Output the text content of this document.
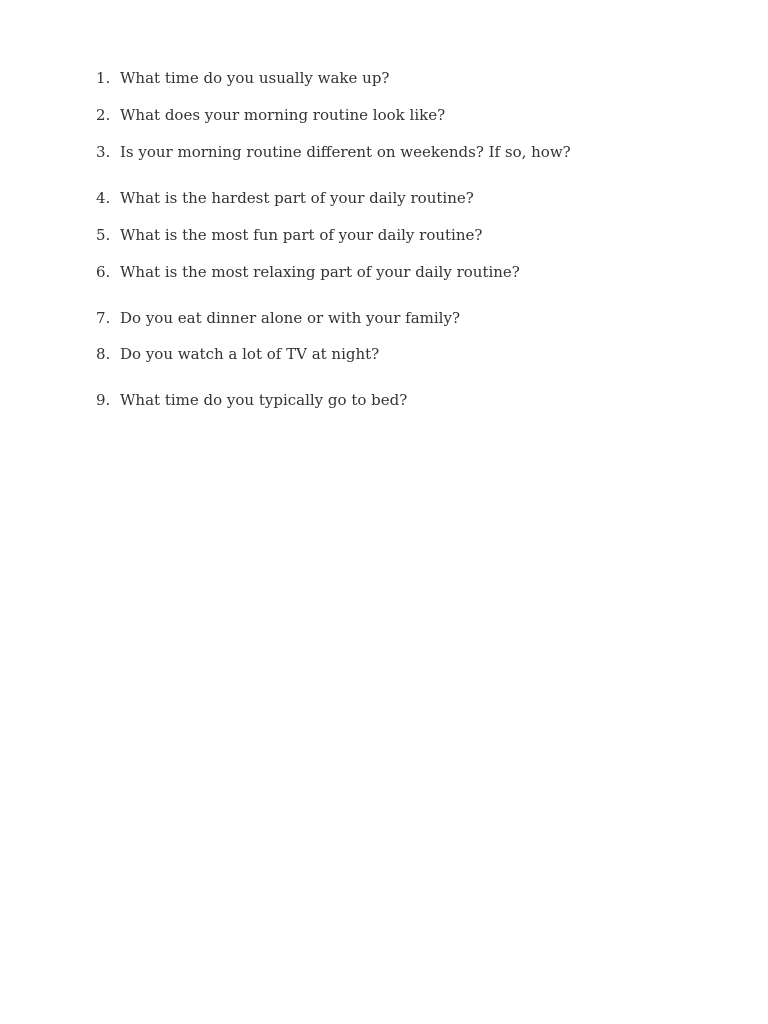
1. What time do you usually wake up?
2. What does your morning routine look like?
3. Is your morning routine different on weekends? If so, how?
4. What is the hardest part of your daily routine?
5. What is the most fun part of your daily routine?
6. What is the most relaxing part of your daily routine?
7. Do you eat dinner alone or with your family?
8. Do you watch a lot of TV at night?
9. What time do you typically go to bed?
